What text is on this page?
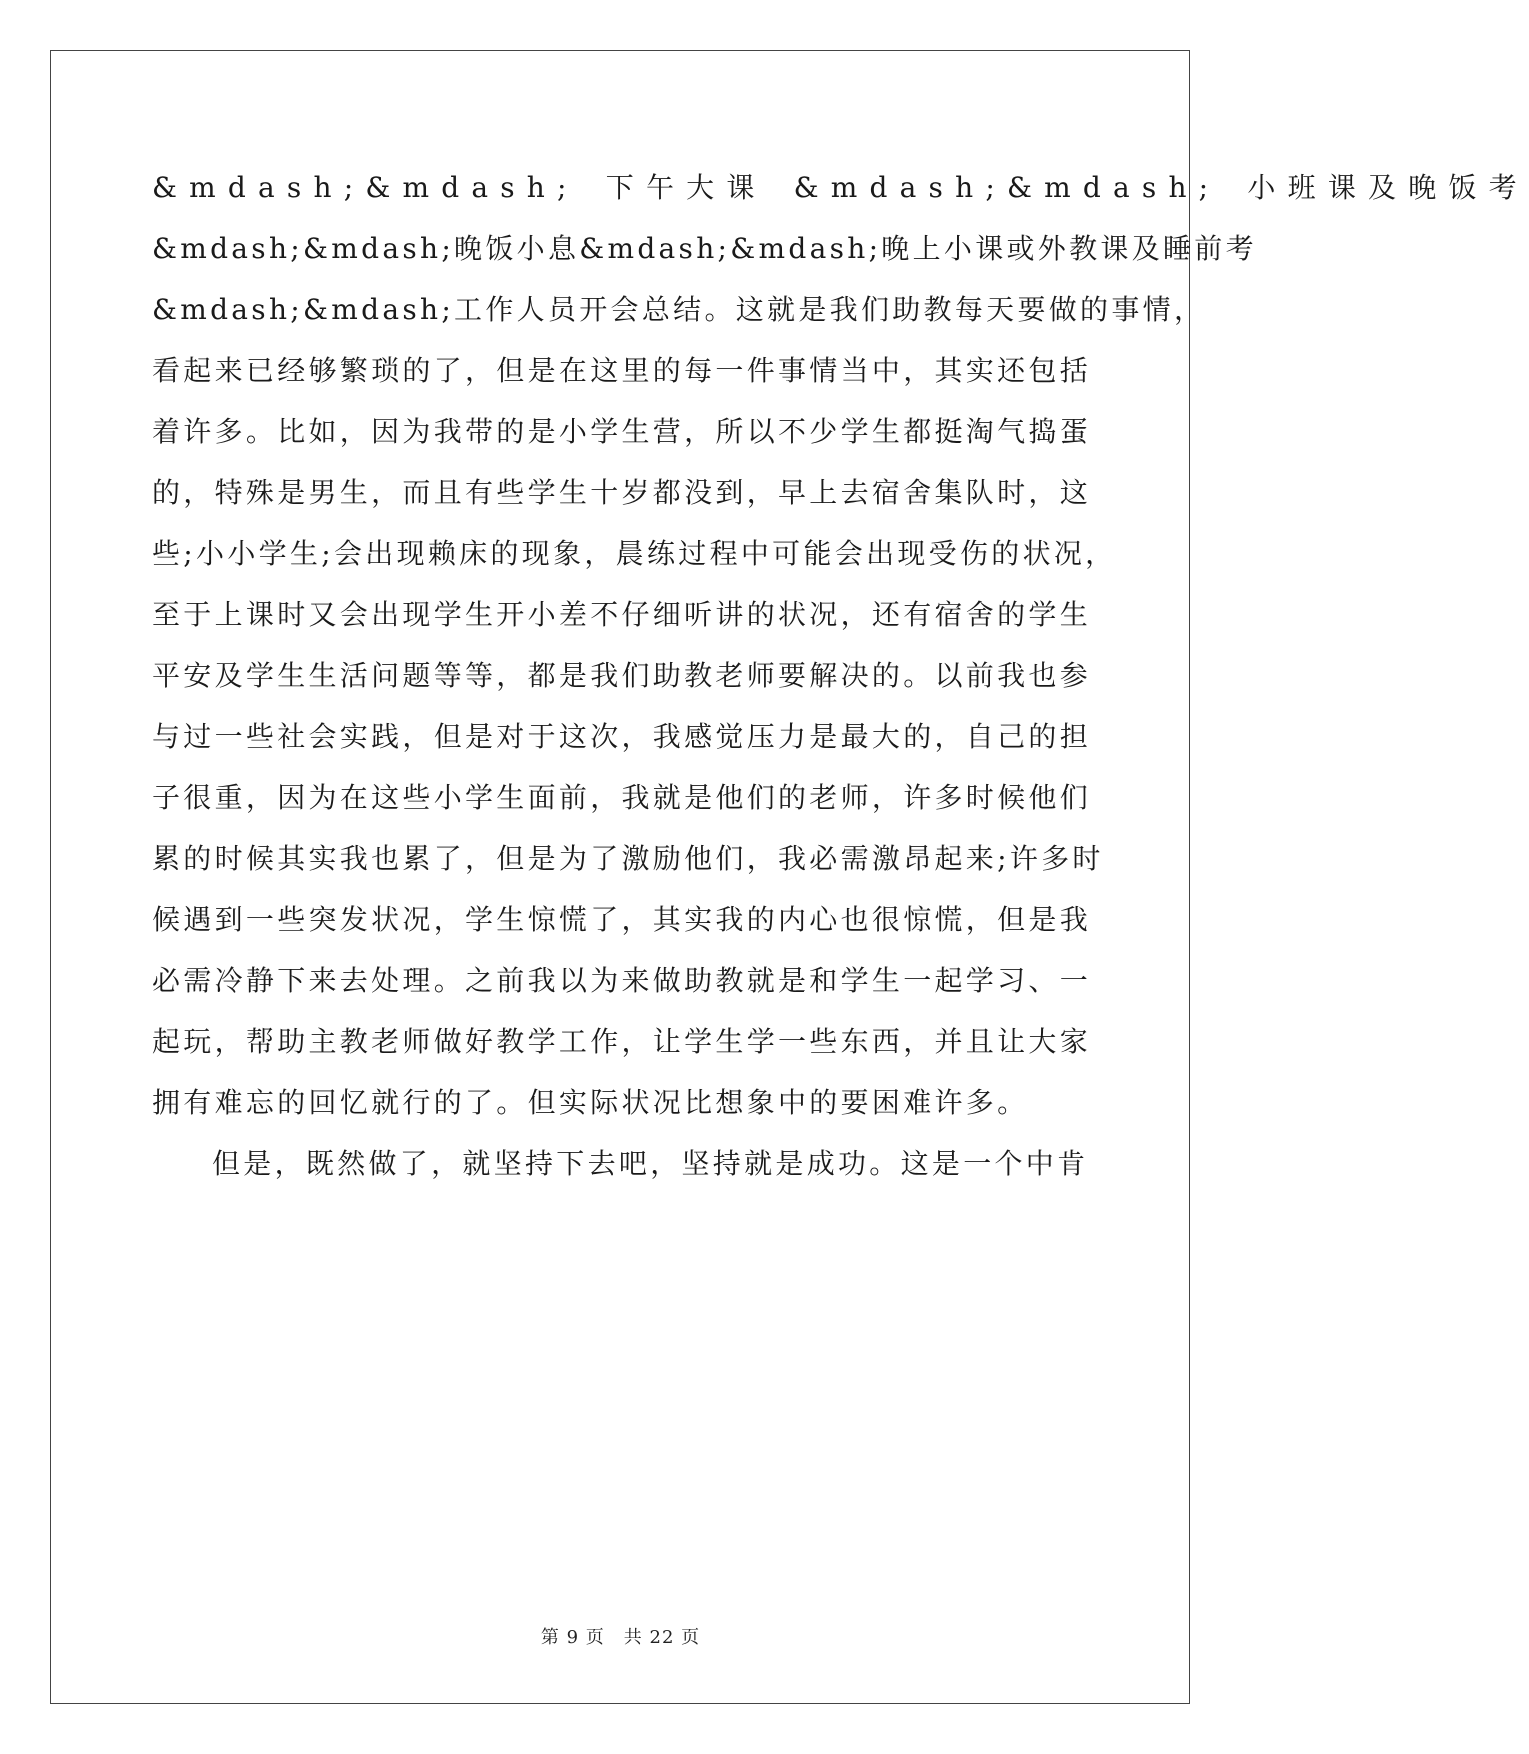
&mdash;&mdash; 下午大课 &mdash;&mdash; 小班课及晚饭考
&mdash;&mdash;晚饭小息&mdash;&mdash;晚上小课或外教课及睡前考
&mdash;&mdash;工作人员开会总结。这就是我们助教每天要做的事情，
看起来已经够繁琐的了，但是在这里的每一件事情当中，其实还包括
着许多。比如，因为我带的是小学生营，所以不少学生都挺淘气捣蛋
的，特殊是男生，而且有些学生十岁都没到，早上去宿舍集队时，这
些;小小学生;会出现赖床的现象，晨练过程中可能会出现受伤的状况，
至于上课时又会出现学生开小差不仔细听讲的状况，还有宿舍的学生
平安及学生生活问题等等，都是我们助教老师要解决的。以前我也参
与过一些社会实践，但是对于这次，我感觉压力是最大的，自己的担
子很重，因为在这些小学生面前，我就是他们的老师，许多时候他们
累的时候其实我也累了，但是为了激励他们，我必需激昂起来;许多时
候遇到一些突发状况，学生惊慌了，其实我的内心也很惊慌，但是我
必需冷静下来去处理。之前我以为来做助教就是和学生一起学习、一
起玩，帮助主教老师做好教学工作，让学生学一些东西，并且让大家
拥有难忘的回忆就行的了。但实际状况比想象中的要困难许多。
但是，既然做了，就坚持下去吧，坚持就是成功。这是一个中肯
第 9 页　共 22 页
